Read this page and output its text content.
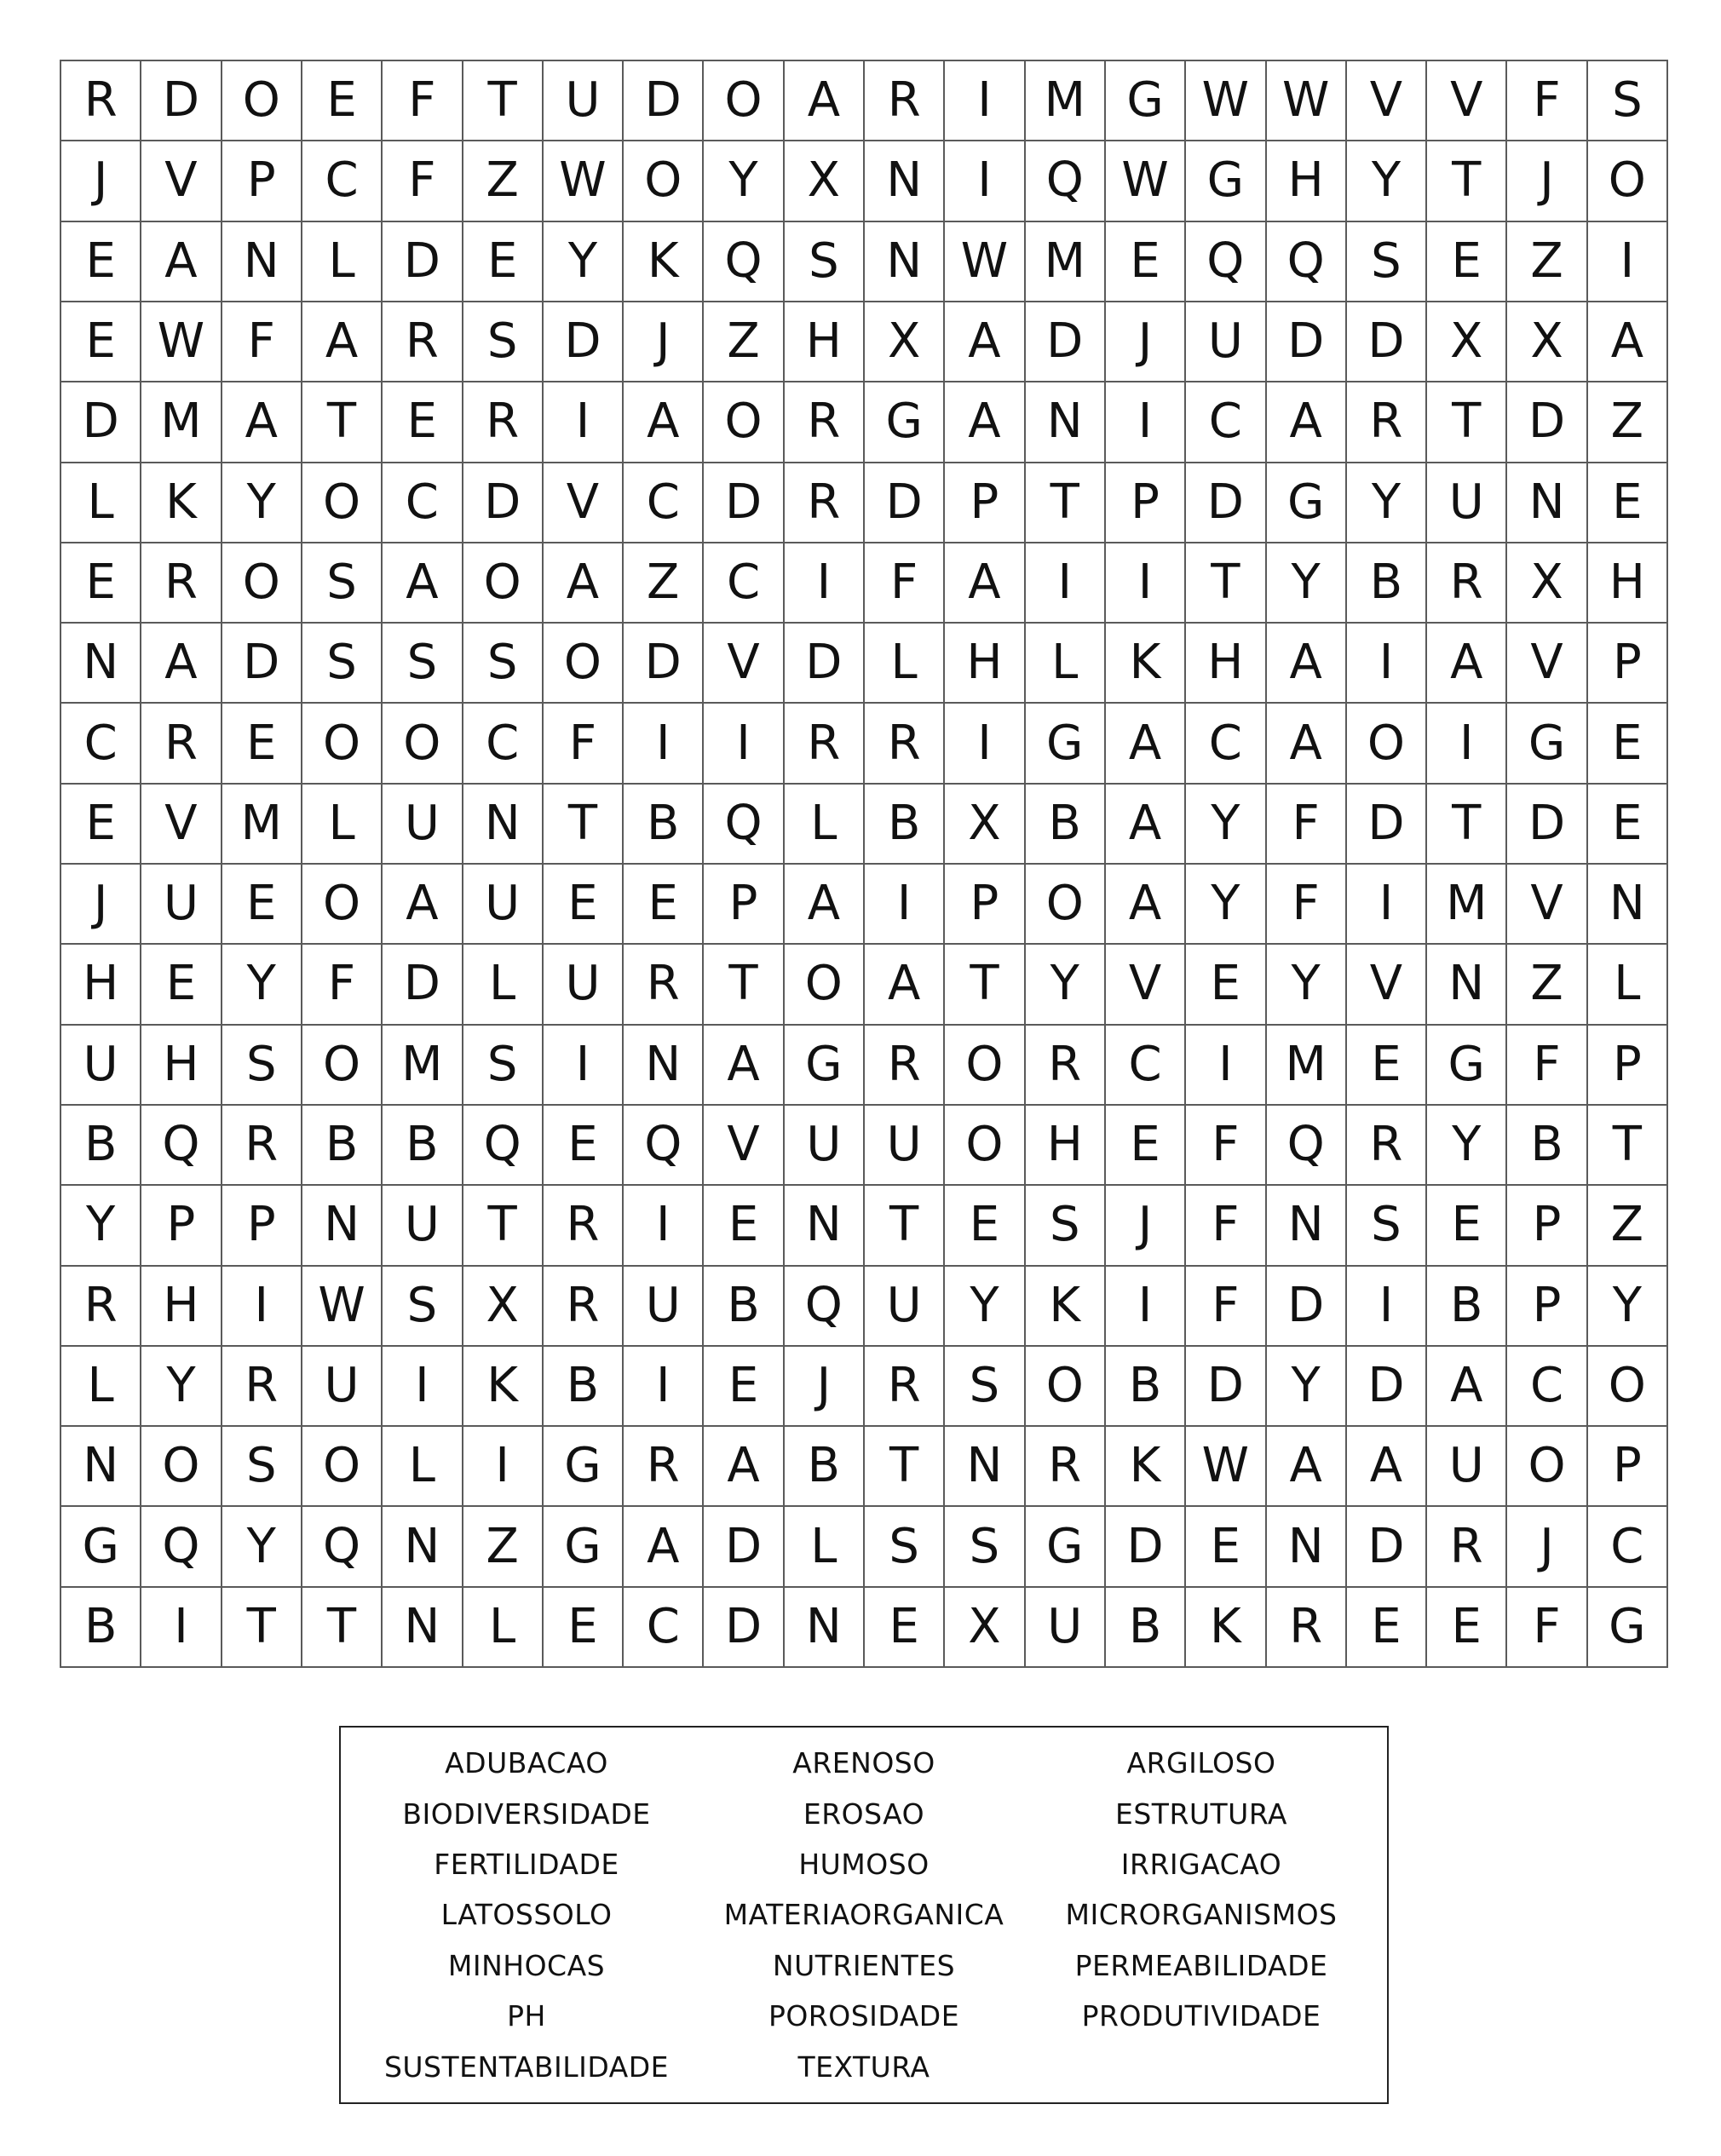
R D O E	F	T	U D O A R	I	M G W W V V	F	S
J	V	P	C	F	Z W O Y	X N	I	Q W G H	Y	T	J	O
E	A N	L	D E	Y	K Q S N W M E Q Q S	E	Z	I
E W F	A R	S D	J	Z H X A D	J	U D D X X A
D M A	T	E	R	I	A O R G A N	I	C A R	T D Z
L	K	Y O C D V C D R D P	T	P D G Y	U N E
E	R O S	A O A Z C	I	F	A	I	I	T	Y	B R X H
N A D S	S	S O D V D	L	H	L	K H A	I	A V	P
C R	E O O C	F	I	I	R R	I	G A C A O	I	G E
E	V M L	U N	T	B Q	L	B X B A	Y	F	D T D E
J	U	E O A U	E	E	P	A	I	P O A	Y	F	I	M V N
H E	Y	F	D	L	U R	T O A	T	Y	V	E	Y	V N Z	L
U H S O M S	I	N A G R O R C	I	M E G	F	P
B Q R B B Q E Q V U U O H E	F	Q R	Y	B	T
Y	P	P	N U	T	R	I	E N	T	E	S	J	F	N S	E	P	Z
R H	I	W S	X R U B Q U	Y	K	I	F	D	I	B	P	Y
L	Y	R U	I	K	B	I	E	J	R	S O B D Y D A C O
N O S O	L	I	G R A B	T	N R	K W A A U O P
G Q Y Q N Z G A D	L	S	S G D E N D R	J	C
B	I	T	T	N	L	E	C D N E	X U B	K	R	E	E	F	G
ADUBACAO	ARENOSO	ARGILOSO
BIODIVERSIDADE	EROSAO	ESTRUTURA
FERTILIDADE	HUMOSO	IRRIGACAO
LATOSSOLO	MATERIAORGANICA	MICRORGANISMOS
MINHOCAS	NUTRIENTES	PERMEABILIDADE
PH	POROSIDADE	PRODUTIVIDADE
SUSTENTABILIDADE	TEXTURA
